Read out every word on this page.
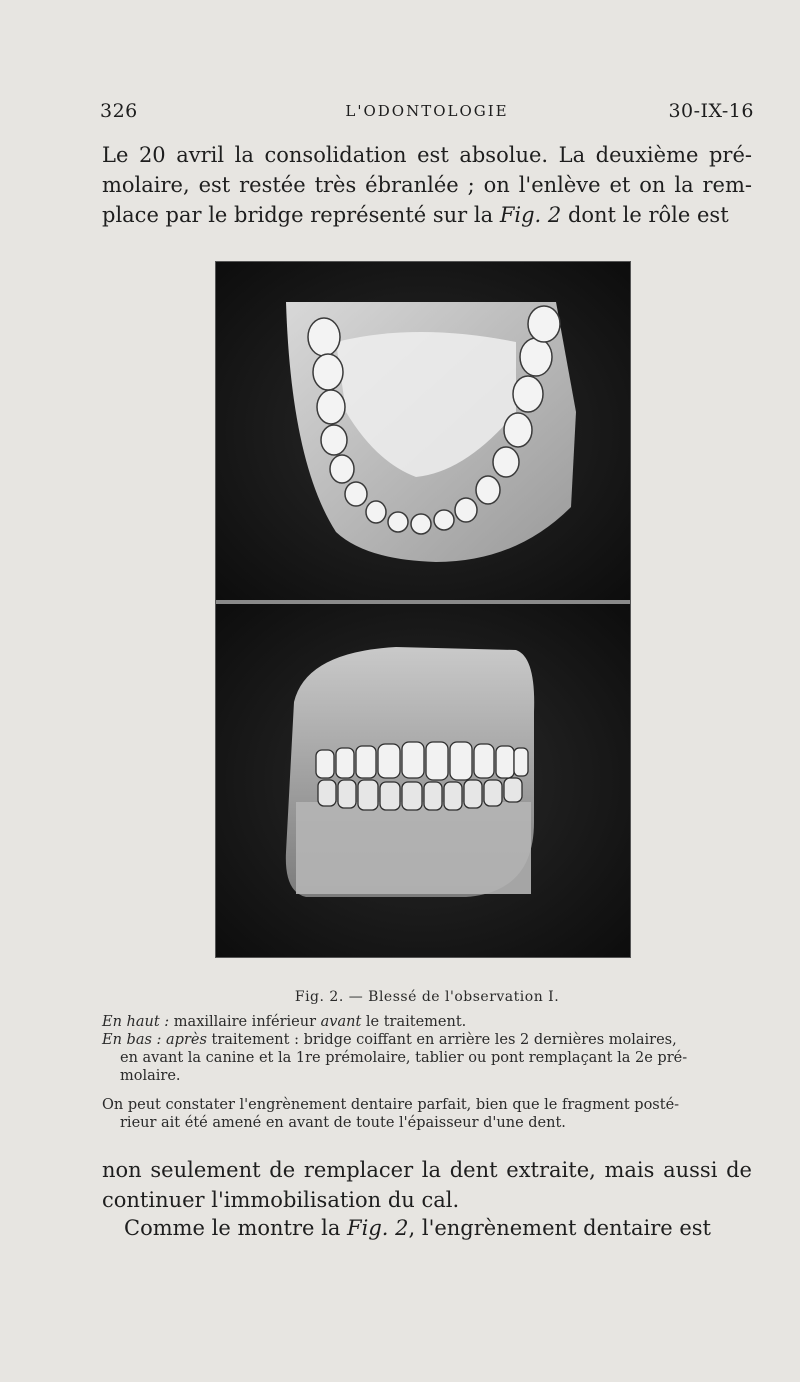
326	L'ODONTOLOGIE	30-IX-16
Le 20 avril la consolidation est absolue. La deuxième pré-
molaire, est restée très ébranlée ; on l'enlève et on la rem-
place par le bridge représenté sur la Fig. 2 dont le rôle est
Fig. 2. — Blessé de l'observation I.
En haut : maxillaire inférieur avant le traitement.
En bas : après traitement : bridge coiffant en arrière les 2 dernières molaires,
en avant la canine et la 1re prémolaire, tablier ou pont remplaçant la 2e pré-
molaire.
On peut constater l'engrènement dentaire parfait, bien que le fragment posté-
rieur ait été amené en avant de toute l'épaisseur d'une dent.
non seulement de remplacer la dent extraite, mais aussi de
continuer l'immobilisation du cal.
Comme le montre la Fig. 2, l'engrènement dentaire est
